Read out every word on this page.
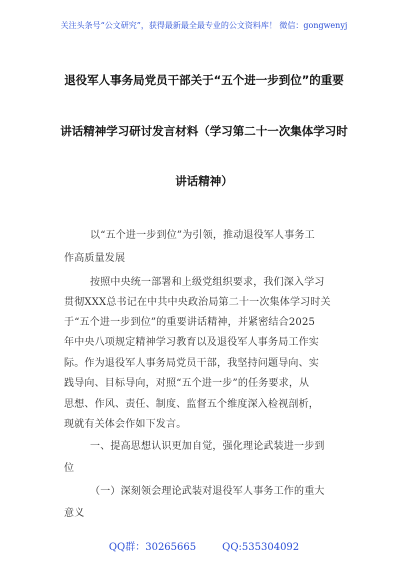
关注头条号“公文研究”，获得最新最全最专业的公文资料库！ 微信：gongwenyj
退役军人事务局党员干部关于“五个进一步到位”的重要
讲话精神学习研讨发言材料（学习第二十一次集体学习时
讲话精神）
以“五个进一步到位”为引领，推动退役军人事务工
作高质量发展
按照中央统一部署和上级党组织要求，我们深入学习
贯彻XXX总书记在中共中央政治局第二十一次集体学习时关
于“五个进一步到位”的重要讲话精神，并紧密结合2025
年中央八项规定精神学习教育以及退役军人事务局工作实
际。作为退役军人事务局党员干部，我坚持问题导向、实
践导向、目标导向，对照“五个进一步”的任务要求，从
思想、作风、责任、制度、监督五个维度深入检视剖析，
现就有关体会作如下发言。
一、提高思想认识更加自觉，强化理论武装进一步到
位
（一）深刻领会理论武装对退役军人事务工作的重大
意义
QQ群：30265665	QQ:535304092
